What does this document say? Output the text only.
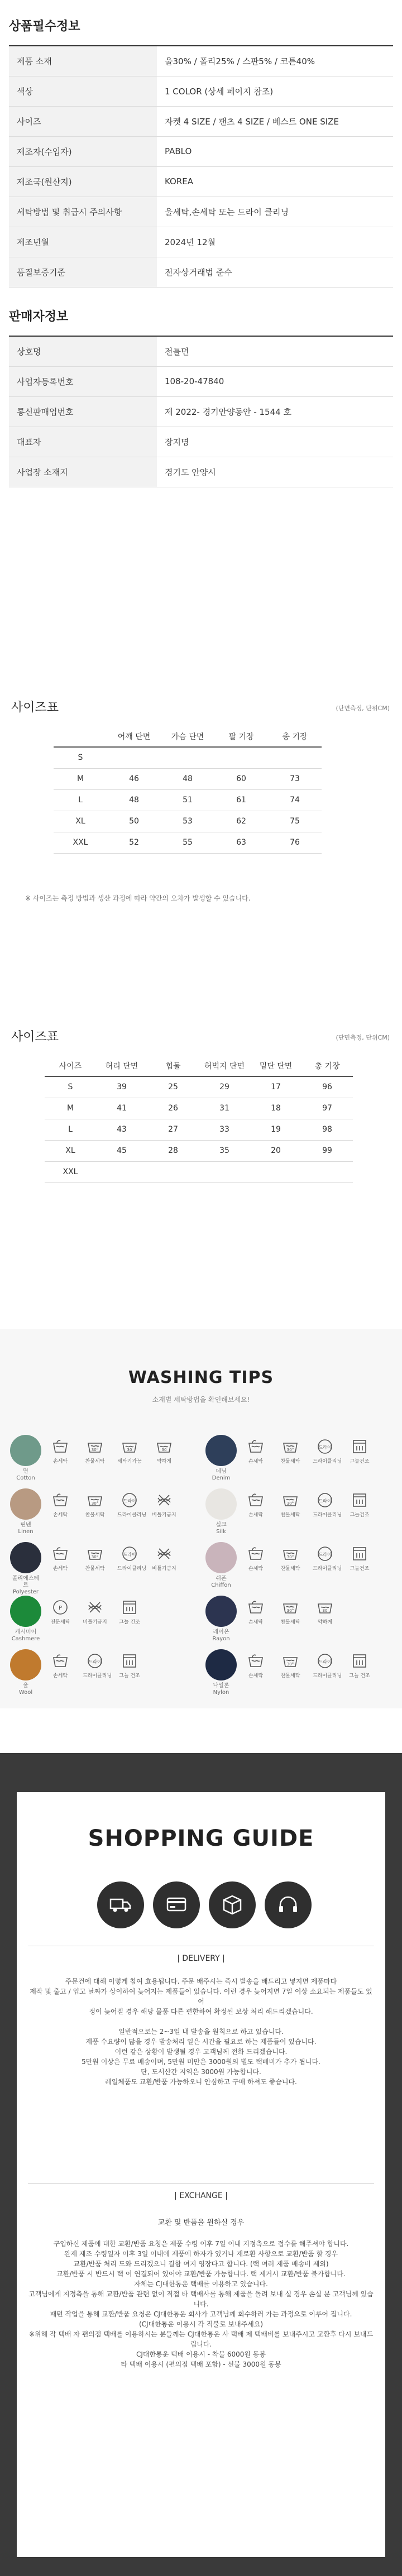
상품필수정보
제품 소재	울30% / 폴리25% / 스판5% / 코튼40%
색상	1 COLOR (상세 페이지 참조)
사이즈	자켓 4 SIZE / 팬츠 4 SIZE / 베스트 ONE SIZE
제조자(수입자)	PABLO
제조국(원산지)	KOREA
세탁방법 및 취급시 주의사항	울세탁,손세탁 또는 드라이 클리닝
제조년월	2024년 12월
품질보증기준	전자상거래법 준수
판매자정보
상호명	전틀면
사업자등록번호	108-20-47840
통신판매업번호	제 2022- 경기안양동안 - 1544 호
대표자	장지명
사업장 소재지	경기도 안양시
사이즈표	(단면측정, 단위CM)
	어깨 단면	가슴 단면	팔 기장	총 기장
S				
M	46	48	60	73
L	48	51	61	74
XL	50	53	62	75
XXL	52	55	63	76
※ 사이즈는 측정 방법과 생산 과정에 따라 약간의 오차가 발생할 수 있습니다.
사이즈표	(단면측정, 단위CM)
사이즈	허리 단면	힙둘	허벅지 단면	밑단 단면	총 기장
S	39	25	29	17	96
M	41	26	31	18	97
L	43	27	33	19	98
XL	45	28	35	20	99
XXL					
WASHING TIPS
소재별 세탁방법을 확인해보세요!
면
Cotton
손세탁
30°
찬물세탁
30
세탁기가능
30
약하게
데님
Denim
손세탁
30°
찬물세탁
드라이
드라이클리닝	그늘건조
린넨
Linen
손세탁
30°
찬물세탁
드라이
드라이클리닝 비틀기금지
실크
Silk
손세탁
30°
찬물세탁
드라이
드라이클리닝	그늘건조
폴리에스테르
Polyester
손세탁
30°
찬물세탁
드라이
드라이클리닝 비틀기금지
쉬폰
Chiffon
손세탁
30°
찬물세탁
드라이
드라이클리닝	그늘건조
캐시미어
Cashmere
P
전문세탁	비틀기금지	그늘 건조
레이온
Rayon
손세탁
30°
찬물세탁
30
약하게
울
Wool
손세탁
드라이
드라이클리닝	그늘 건조
나일론
Nylon
손세탁
30°
찬물세탁
드라이
드라이클리닝	그늘 건조
SHOPPING GUIDE
| DELIVERY |
주문건에 대해 이렇게 참여 효용됩니다. 주문 배주시는 즉시 발송을 배드리고 넣지면 제품마다
제작 및 출고 / 입고 날짜가 상이하여 늦어지는 제품들이 있습니다. 이런 경우 늦어지면 7일 이상 소요되는 제품들도 있어
정이 늦어질 경우 해당 물품 다른 편한하여 확정된 보상 처리 해드리겠습니다.
일반적으로는 2~3일 내 발송을 원칙으로 하고 있습니다.
제품 수요량이 많을 경우 발송처리 일은 시간을 필요로 하는 제품들이 있습니다.
이런 같은 상황이 발생될 경우 고객님께 전화 드리겠습니다.
5만원 이상은 무료 배송이며, 5만원 미만은 3000원의 별도 택배비가 추가 됩니다.
단, 도서산간 지역은 3000원 가능합니다.
레일체품도 교환/반품 가능하오니 안심하고 구매 하셔도 좋습니다.
| EXCHANGE |
교환 및 반품을 원하실 경우
구입하신 제품에 대한 교환/반품 요청은 제품 수령 이후 7일 이내 지정측으로 접수를 해주셔야 합니다.
완제 제조 수령일자 이후 3일 이내에 제품에 하자가 있거나 재로환 사항으로 교환/반품 할 경우
교환/반품 처리 도와 드리겠으니 결함 여지 영장다고 합니다. (택 여러 제품 배송비 제외)
교환/반품 시 반드시 택 이 연결되어 있어야 교환/반품 가능합니다. 택 제거시 교환/반품 불가합니다.
자체는 CJ대한통운 택배를 이용하고 있습니다.
고객님에게 지정측을 통해 교환/반품 관련 없이 직접 타 택배사를 통해 제품을 돌려 보내 실 경우 손실 분 고객님께 있습니다.
패턴 작업을 통해 교환/반품 요청은 CJ대한통운 회사가 고객님께 회수하러 가는 과정으로 이루어 집니다.
(CJ대한통운 이용시 각 직불로 보내주세요)
※위해 작 택배 자 편의점 택배를 이용하시는 분들께는 CJ대한통운 사 택배 제 택배비를 보내주시고 교환후 다시 보내드립니다.
CJ대한통운 택배 이용시 - 착불 6000원 동봉
타 택배 이용시 (편의점 택배 포함) - 선불 3000원 동봉
